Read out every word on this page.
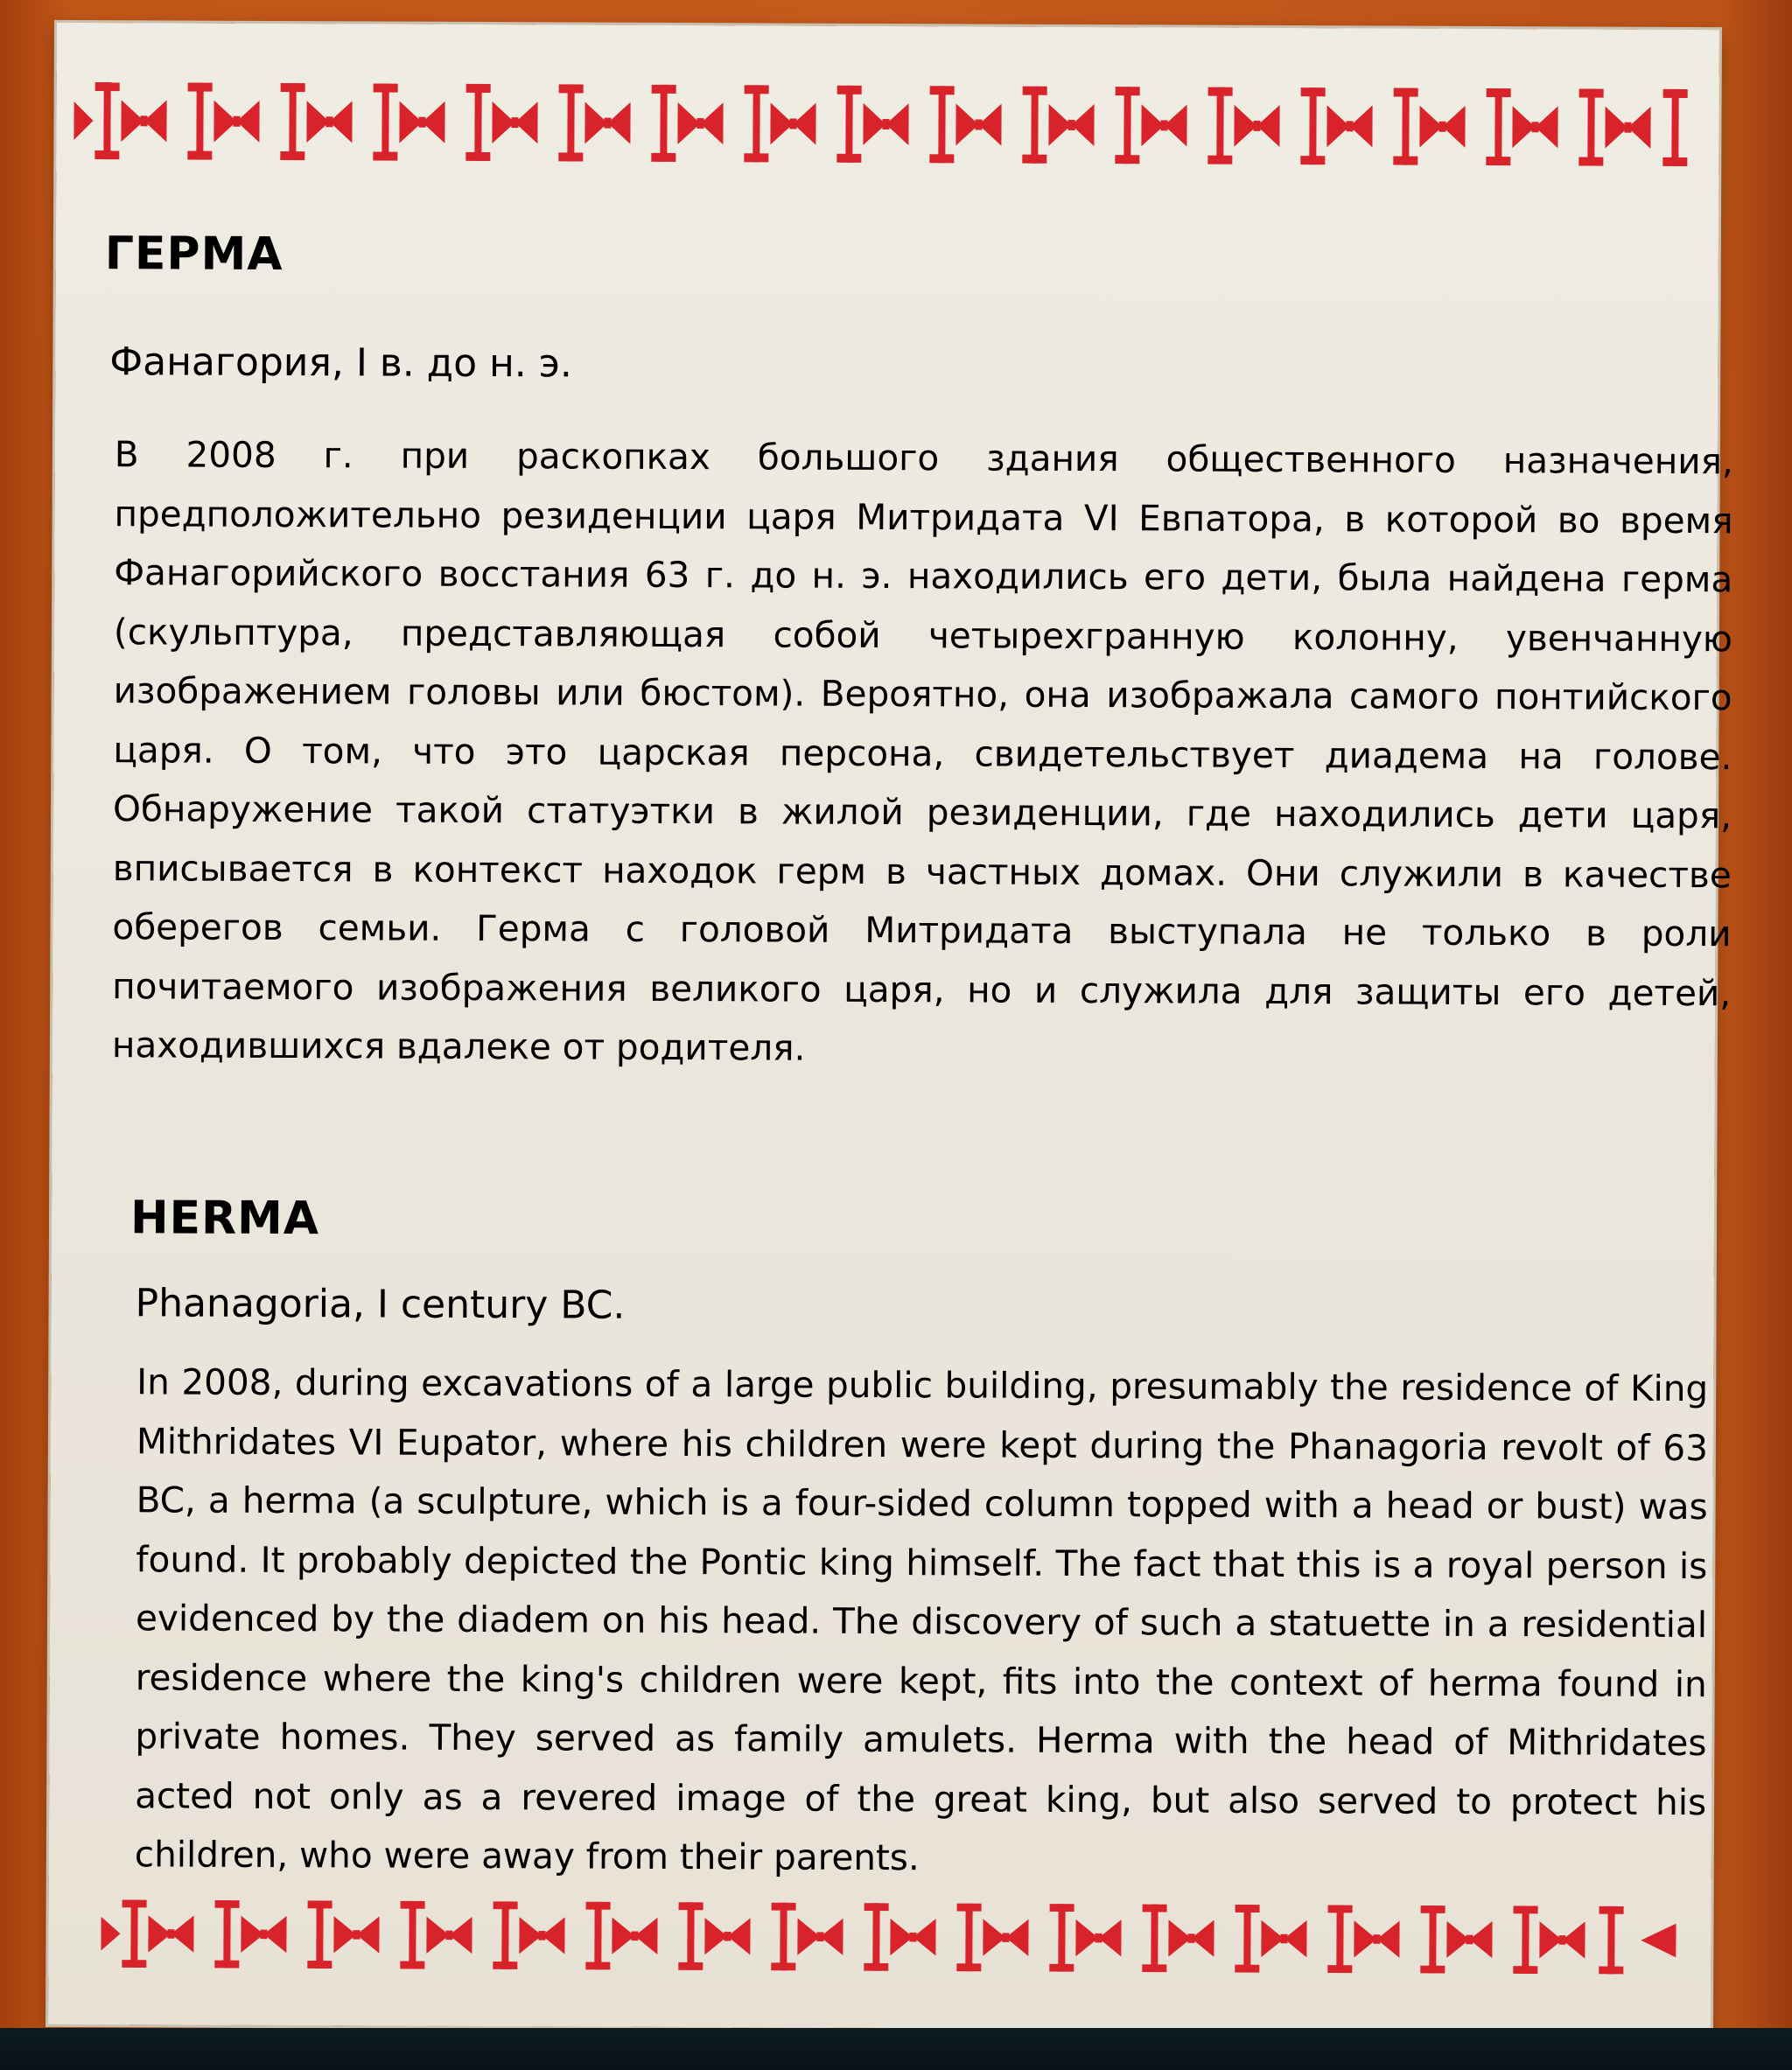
ГЕРМА

Фанагория, I в. до н. э.

В 2008 г. при раскопках большого здания общественного назначения, предположительно резиденции царя Митридата VI Евпатора, в которой во время Фанагорийского восстания 63 г. до н. э. находились его дети, была найдена герма (скульптура, представляющая собой четырехгранную колонну, увенчанную изображением головы или бюстом). Вероятно, она изображала самого понтийского царя. О том, что это царская персона, свидетельствует диадема на голове. Обнаружение такой статуэтки в жилой резиденции, где находились дети царя, вписывается в контекст находок герм в частных домах. Они служили в качестве оберегов семьи. Герма с головой Митридата выступала не только в роли почитаемого изображения великого царя, но и служила для защиты его детей, находившихся вдалеке от родителя.

HERMA

Phanagoria, I century BC.

In 2008, during excavations of a large public building, presumably the residence of King Mithridates VI Eupator, where his children were kept during the Phanagoria revolt of 63 BC, a herma (a sculpture, which is a four-sided column topped with a head or bust) was found. It probably depicted the Pontic king himself. The fact that this is a royal person is evidenced by the diadem on his head. The discovery of such a statuette in a residential residence where the king's children were kept, fits into the context of herma found in private homes. They served as family amulets. Herma with the head of Mithridates acted not only as a revered image of the great king, but also served to protect his children, who were away from their parents.
